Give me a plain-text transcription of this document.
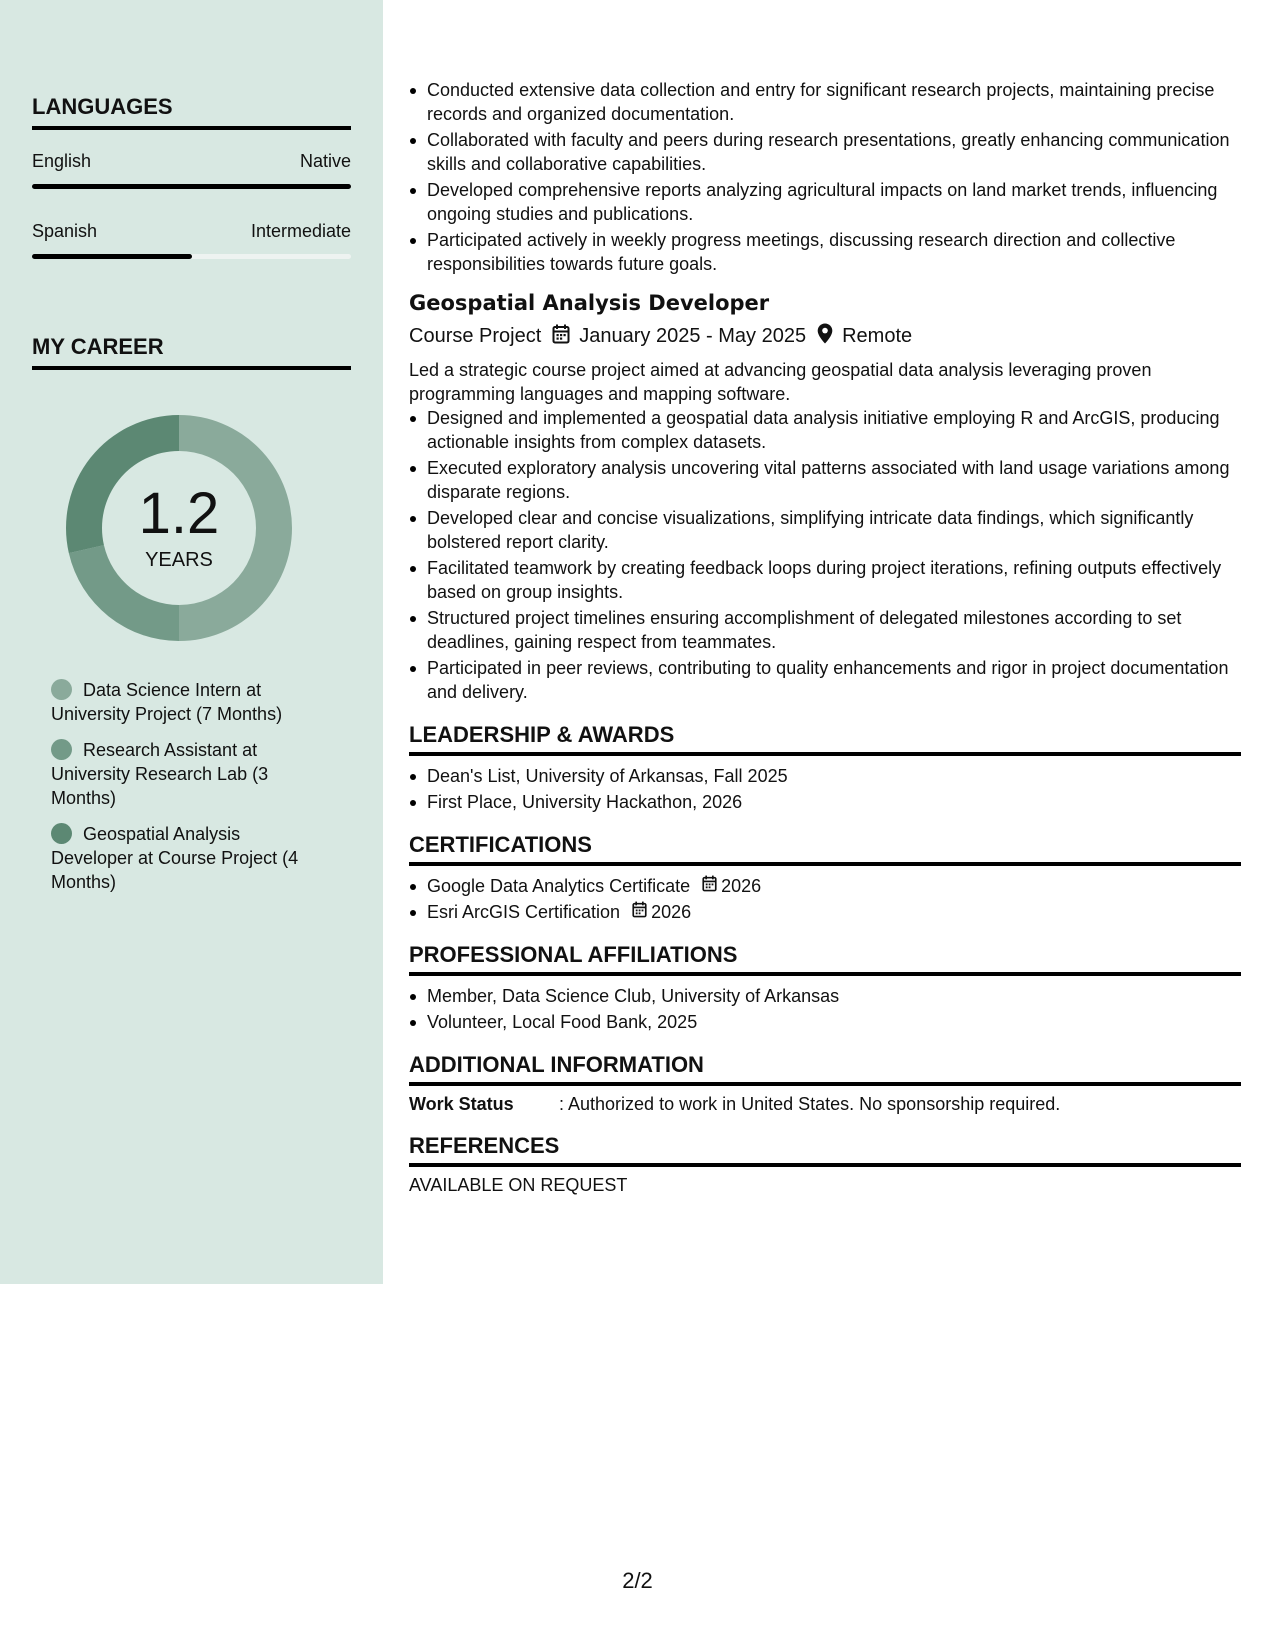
LANGUAGES
English	Native
Spanish	Intermediate
MY CAREER
1.2
YEARS
Data Science Intern at University Project (7 Months)
Research Assistant at University Research Lab (3 Months)
Geospatial Analysis Developer at Course Project (4 Months)
Conducted extensive data collection and entry for significant research projects, maintaining precise records and organized documentation.
Collaborated with faculty and peers during research presentations, greatly enhancing communication skills and collaborative capabilities.
Developed comprehensive reports analyzing agricultural impacts on land market trends, influencing ongoing studies and publications.
Participated actively in weekly progress meetings, discussing research direction and collective responsibilities towards future goals.
Geospatial Analysis Developer
Course Project January 2025 - May 2025 Remote
Led a strategic course project aimed at advancing geospatial data analysis leveraging proven programming languages and mapping software.
Designed and implemented a geospatial data analysis initiative employing R and ArcGIS, producing actionable insights from complex datasets.
Executed exploratory analysis uncovering vital patterns associated with land usage variations among disparate regions.
Developed clear and concise visualizations, simplifying intricate data findings, which significantly bolstered report clarity.
Facilitated teamwork by creating feedback loops during project iterations, refining outputs effectively based on group insights.
Structured project timelines ensuring accomplishment of delegated milestones according to set deadlines, gaining respect from teammates.
Participated in peer reviews, contributing to quality enhancements and rigor in project documentation and delivery.
LEADERSHIP & AWARDS
Dean's List, University of Arkansas, Fall 2025
First Place, University Hackathon, 2026
CERTIFICATIONS
Google Data Analytics Certificate 2026
Esri ArcGIS Certification 2026
PROFESSIONAL AFFILIATIONS
Member, Data Science Club, University of Arkansas
Volunteer, Local Food Bank, 2025
ADDITIONAL INFORMATION
Work Status	: Authorized to work in United States. No sponsorship required.
REFERENCES
AVAILABLE ON REQUEST
2/2
